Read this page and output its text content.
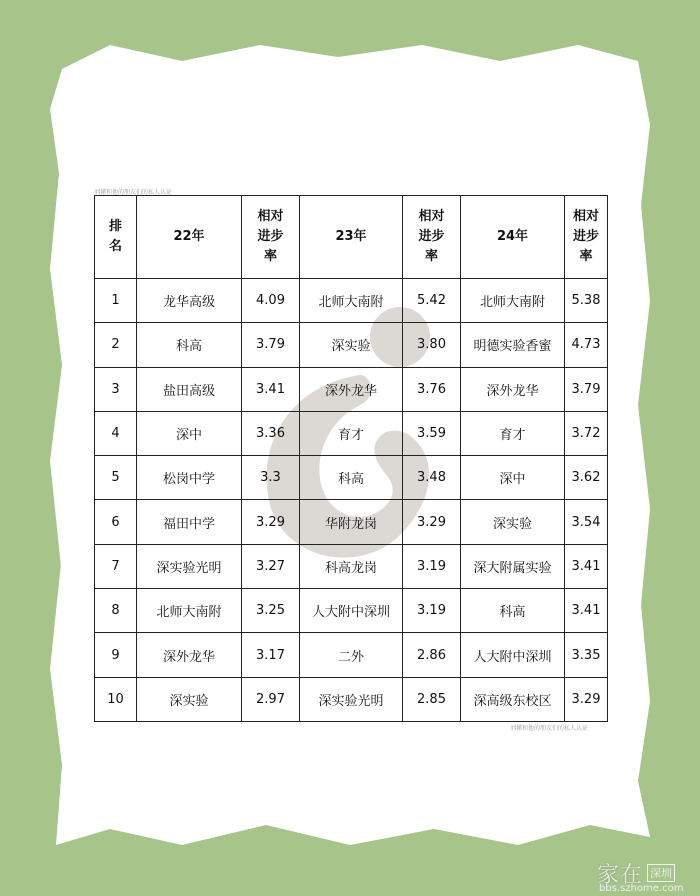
刘懂和他的朋友们的私人认证
排
名	22年	相对
进步
率	23年	相对
进步
率	24年	相对
进步
率

1	龙华高级	4.09	北师大南附	5.42	北师大南附	5.38
2	科高	3.79	深实验	3.80	明德实验香蜜	4.73
3	盐田高级	3.41	深外龙华	3.76	深外龙华	3.79
4	深中	3.36	育才	3.59	育才	3.72
5	松岗中学	3.3	科高	3.48	深中	3.62
6	福田中学	3.29	华附龙岗	3.29	深实验	3.54
7	深实验光明	3.27	科高龙岗	3.19	深大附属实验	3.41
8	北师大南附	3.25	人大附中深圳	3.19	科高	3.41
9	深外龙华	3.17	二外	2.86	人大附中深圳	3.35
10	深实验	2.97	深实验光明	2.85	深高级东校区	3.29
刘懂和他的朋友们的私人认证
家在 深圳
bbs.szhome.com
